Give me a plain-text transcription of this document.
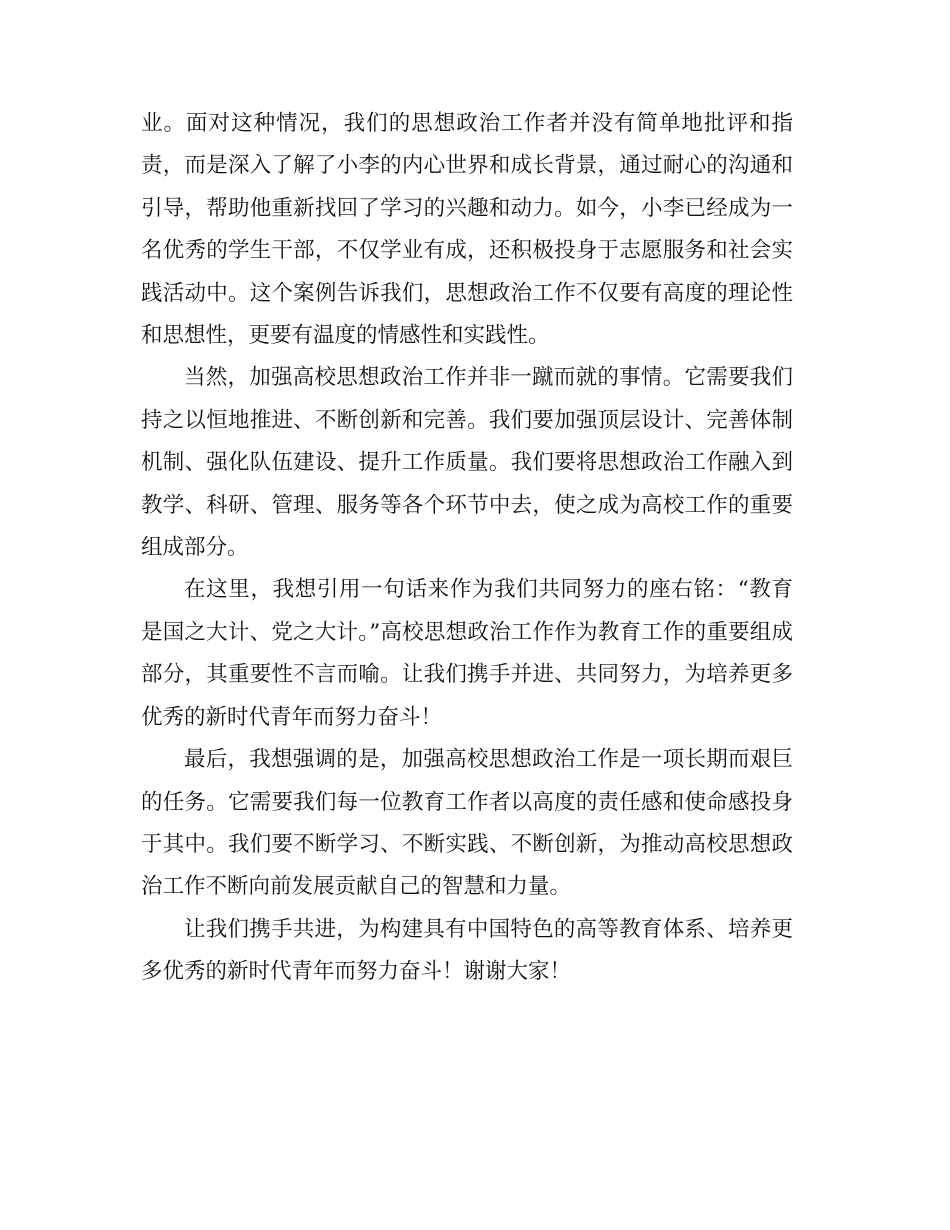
业。面对这种情况，我们的思想政治工作者并没有简单地批评和指责，而是深入了解了小李的内心世界和成长背景，通过耐心的沟通和引导，帮助他重新找回了学习的兴趣和动力。如今，小李已经成为一名优秀的学生干部，不仅学业有成，还积极投身于志愿服务和社会实践活动中。这个案例告诉我们，思想政治工作不仅要有高度的理论性和思想性，更要有温度的情感性和实践性。

当然，加强高校思想政治工作并非一蹴而就的事情。它需要我们持之以恒地推进、不断创新和完善。我们要加强顶层设计、完善体制机制、强化队伍建设、提升工作质量。我们要将思想政治工作融入到教学、科研、管理、服务等各个环节中去，使之成为高校工作的重要组成部分。

在这里，我想引用一句话来作为我们共同努力的座右铭：“教育是国之大计、党之大计。”高校思想政治工作作为教育工作的重要组成部分，其重要性不言而喻。让我们携手并进、共同努力，为培养更多优秀的新时代青年而努力奋斗！

最后，我想强调的是，加强高校思想政治工作是一项长期而艰巨的任务。它需要我们每一位教育工作者以高度的责任感和使命感投身于其中。我们要不断学习、不断实践、不断创新，为推动高校思想政治工作不断向前发展贡献自己的智慧和力量。

让我们携手共进，为构建具有中国特色的高等教育体系、培养更多优秀的新时代青年而努力奋斗！谢谢大家！
